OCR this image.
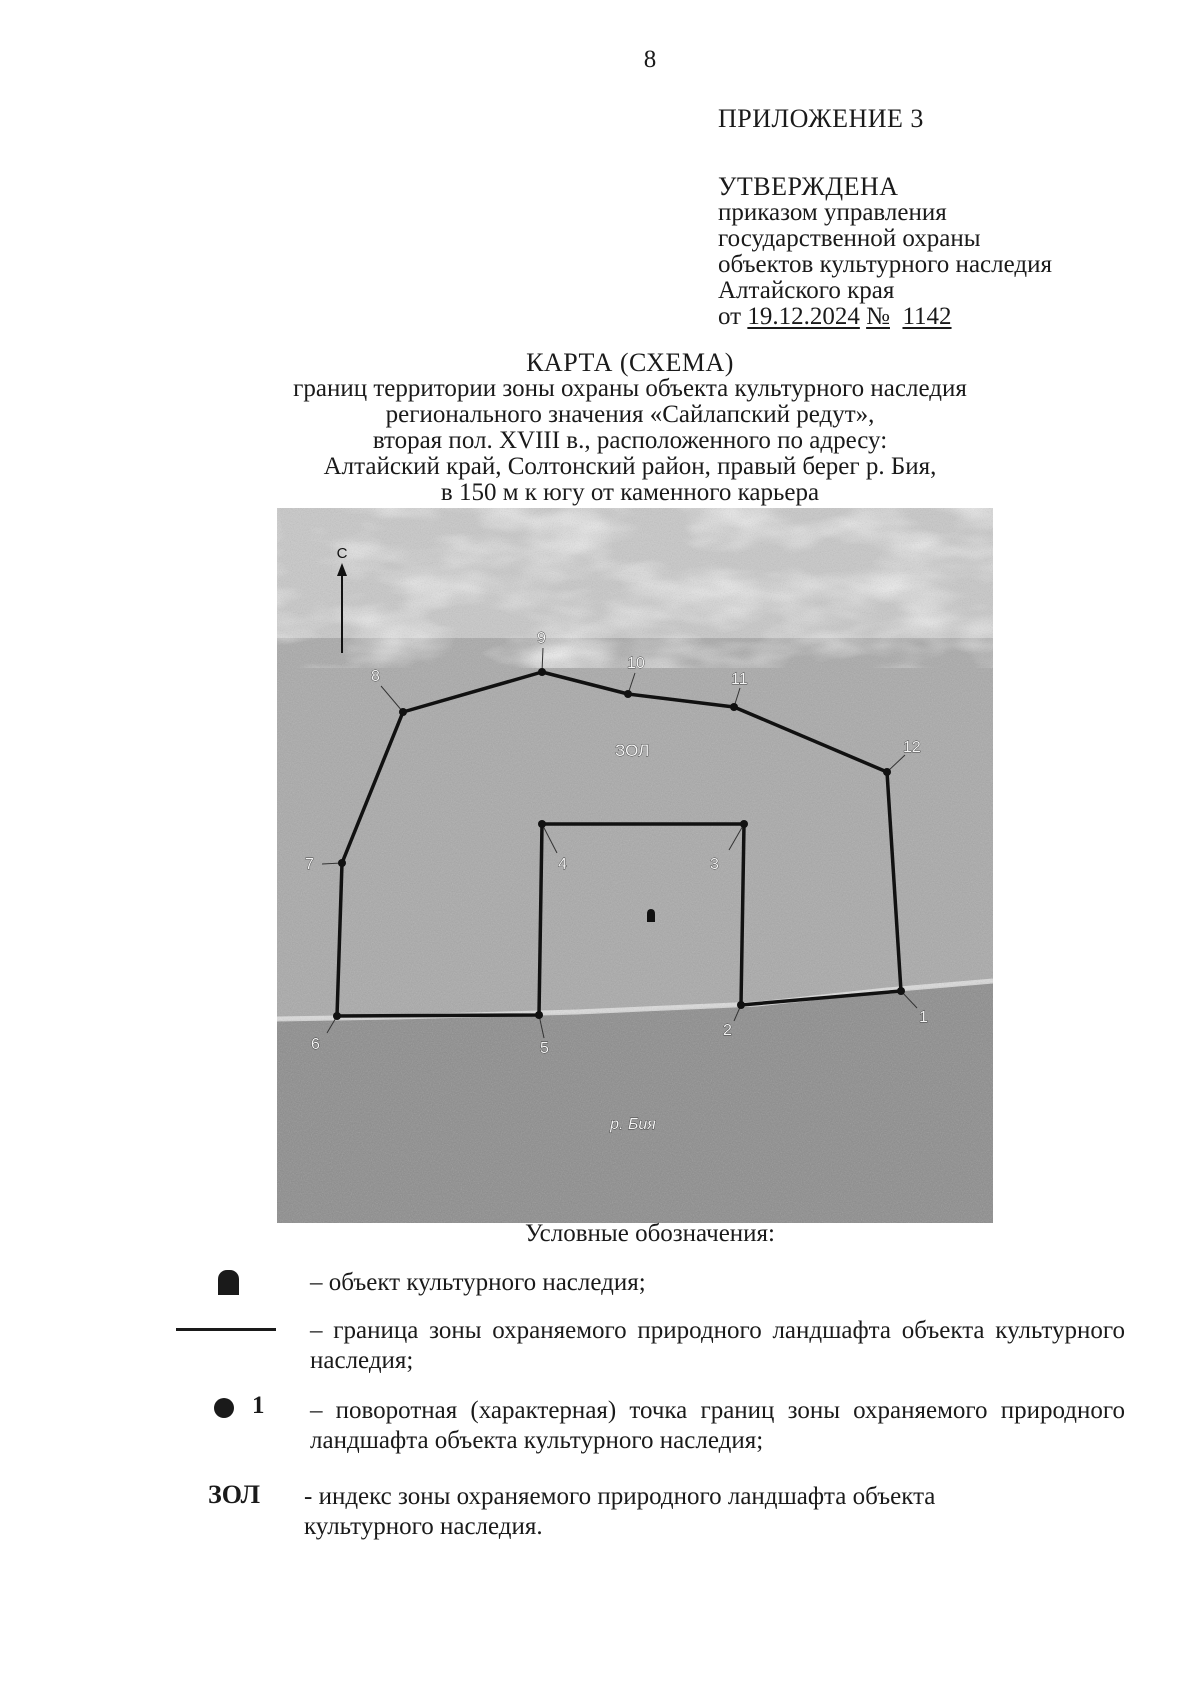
8
ПРИЛОЖЕНИЕ 3
УТВЕРЖДЕНА
приказом управления
государственной охраны
объектов культурного наследия
Алтайского края
от 19.12.2024 № 1142
КАРТА (СХЕМА)
границ территории зоны охраны объекта культурного наследия
регионального значения «Сайлапский редут»,
вторая пол. XVIII в., расположенного по адресу:
Алтайский край, Солтонский район, правый берег р. Бия,
в 150 м к югу от каменного карьера
С
1
2
3
4
5
6
7
8
9
10
11
12
ЗОЛ
р. Бия
Условные обозначения:
– объект культурного наследия;
– граница зоны охраняемого природного ландшафта объекта культурного наследия;
1 – поворотная (характерная) точка границ зоны охраняемого природного ландшафта объекта культурного наследия;
ЗОЛ - индекс зоны охраняемого природного ландшафта объекта культурного наследия.
